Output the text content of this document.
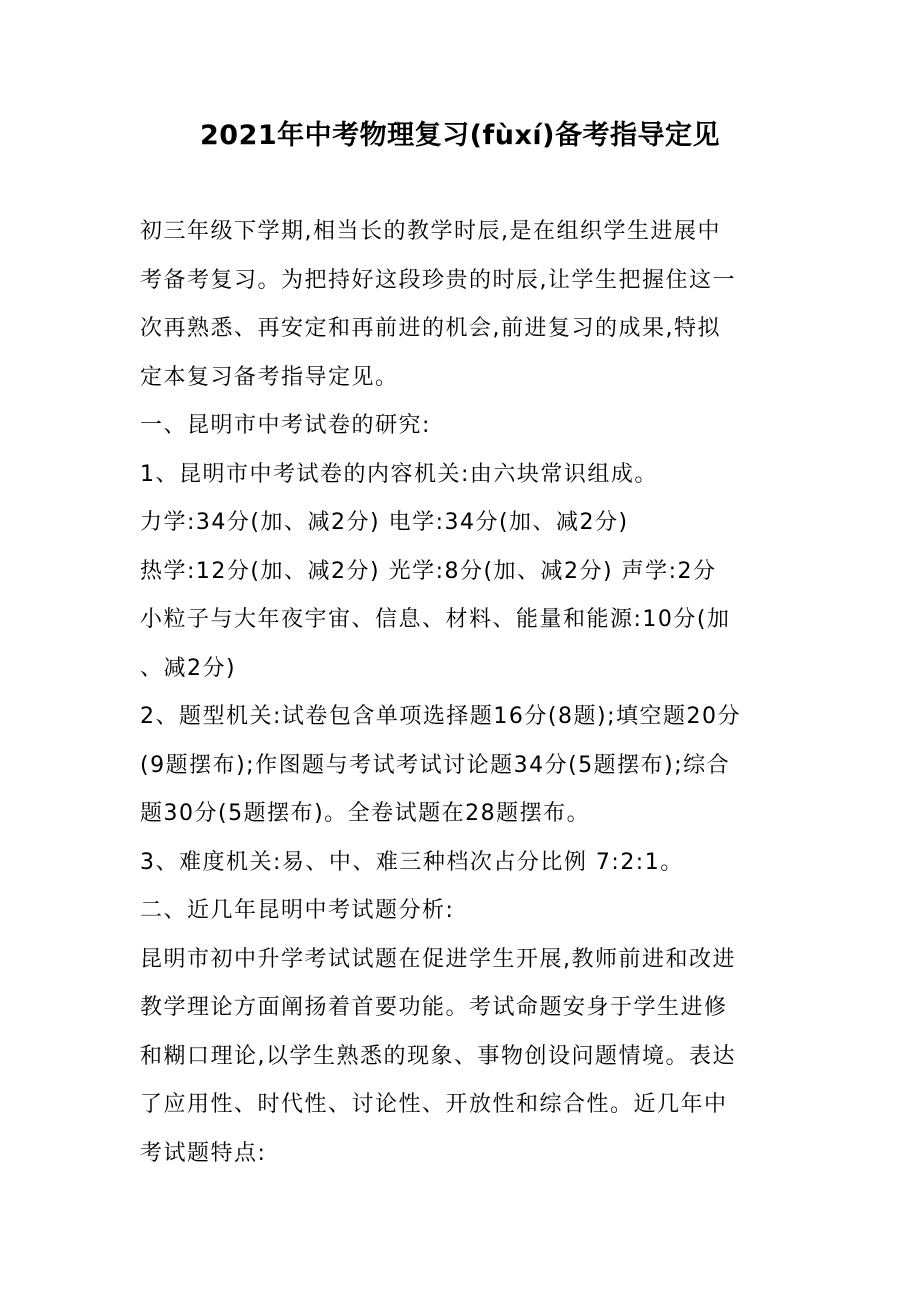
2021年中考物理复习(fùxí)备考指导定见
初三年级下学期,相当长的教学时辰,是在组织学生进展中
考备考复习。为把持好这段珍贵的时辰,让学生把握住这一
次再熟悉、再安定和再前进的机会,前进复习的成果,特拟
定本复习备考指导定见。
一、昆明市中考试卷的研究:
1、昆明市中考试卷的内容机关:由六块常识组成。
力学:34分(加、减2分) 电学:34分(加、减2分)
热学:12分(加、减2分) 光学:8分(加、减2分) 声学:2分
小粒子与大年夜宇宙、信息、材料、能量和能源:10分(加
、减2分)
2、题型机关:试卷包含单项选择题16分(8题);填空题20分
(9题摆布);作图题与考试考试讨论题34分(5题摆布);综合
题30分(5题摆布)。全卷试题在28题摆布。
3、难度机关:易、中、难三种档次占分比例 7:2:1。
二、近几年昆明中考试题分析:
昆明市初中升学考试试题在促进学生开展,教师前进和改进
教学理论方面阐扬着首要功能。考试命题安身于学生进修
和糊口理论,以学生熟悉的现象、事物创设问题情境。表达
了应用性、时代性、讨论性、开放性和综合性。近几年中
考试题特点:
